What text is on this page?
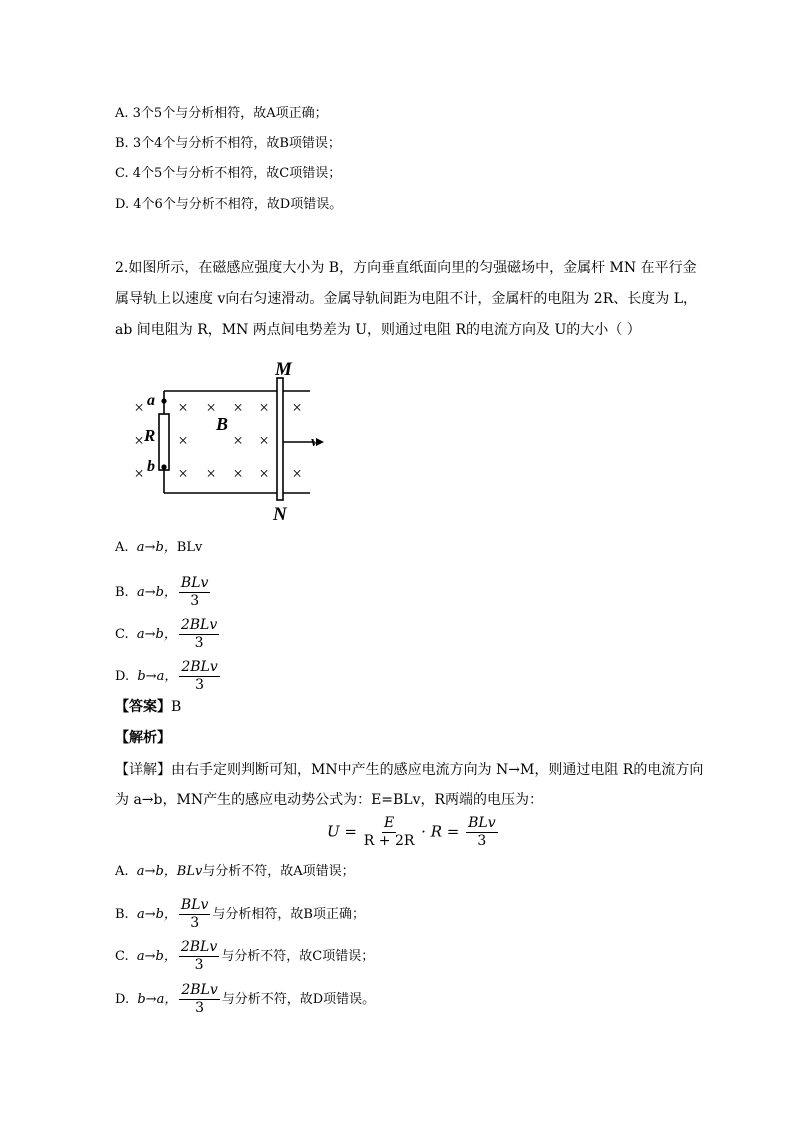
A. 3个5个与分析相符，故A项正确；
B. 3个4个与分析不相符，故B项错误；
C. 4个5个与分析不相符，故C项错误；
D. 4个6个与分析不相符，故D项错误。
2.如图所示，在磁感应强度大小为 B，方向垂直纸面向里的匀强磁场中，金属杆 MN 在平行金
属导轨上以速度 v向右匀速滑动。金属导轨间距为电阻不计，金属杆的电阻为 2R、长度为 L，
ab 间电阻为 R，MN 两点间电势差为 U，则通过电阻 R的电流方向及 U的大小（ ）
×
×
×
× × × × ×
×	× ×
× × × × ×
M
N
a
b
R
B
v
A. a→b，BLv
B. a→b， $\frac{\text{BLv}}{3}$
C. a→b， $\frac{\text{2BLv}}{3}$
D. b→a， $\frac{\text{2BLv}}{3}$
【答案】B
【解析】
【详解】由右手定则判断可知，MN中产生的感应电流方向为 N→M，则通过电阻 R的电流方向
为 a→b，MN产生的感应电动势公式为：E=BLv，R两端的电压为：
$U = \frac{E}{R + 2R} \cdot R = \frac{\text{BLv}}{3}$
A. a→b，BLv与分析不符，故A项错误；
B. a→b， $\frac{\text{BLv}}{3}$ 与分析相符，故B项正确；
C. a→b， $\frac{\text{2BLv}}{3}$ 与分析不符，故C项错误；
D. b→a， $\frac{\text{2BLv}}{3}$ 与分析不符，故D项错误。
